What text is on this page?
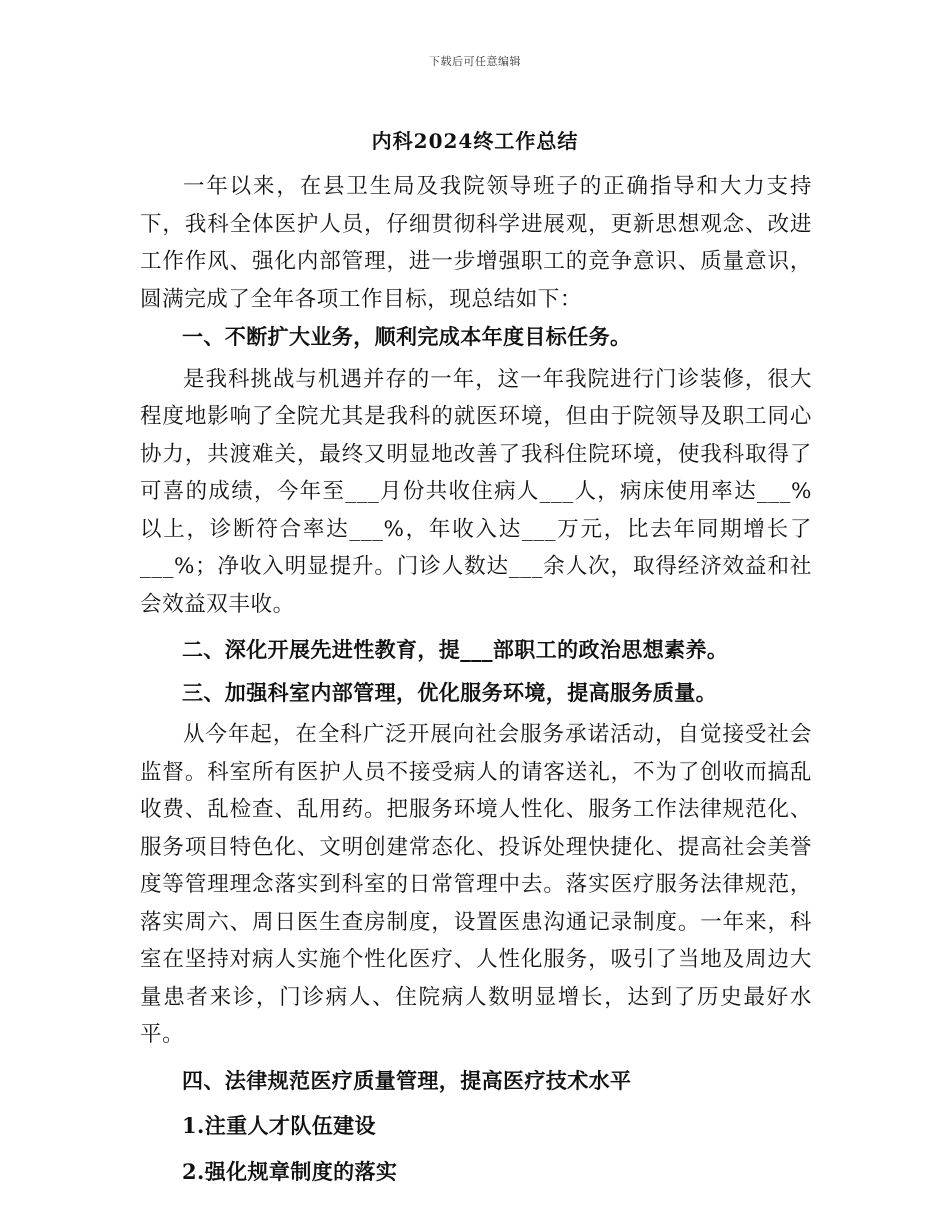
下载后可任意编辑
内科2024终工作总结

一年以来，在县卫生局及我院领导班子的正确指导和大力支持下，我科全体医护人员，仔细贯彻科学进展观，更新思想观念、改进工作作风、强化内部管理，进一步增强职工的竞争意识、质量意识，圆满完成了全年各项工作目标，现总结如下：

一、不断扩大业务，顺利完成本年度目标任务。

是我科挑战与机遇并存的一年，这一年我院进行门诊装修，很大程度地影响了全院尤其是我科的就医环境，但由于院领导及职工同心协力，共渡难关，最终又明显地改善了我科住院环境，使我科取得了可喜的成绩，今年至___月份共收住病人___人，病床使用率达___%以上，诊断符合率达___%，年收入达___万元，比去年同期增长了___%；净收入明显提升。门诊人数达___余人次，取得经济效益和社会效益双丰收。

二、深化开展先进性教育，提___部职工的政治思想素养。

三、加强科室内部管理，优化服务环境，提高服务质量。

从今年起，在全科广泛开展向社会服务承诺活动，自觉接受社会监督。科室所有医护人员不接受病人的请客送礼，不为了创收而搞乱收费、乱检查、乱用药。把服务环境人性化、服务工作法律规范化、服务项目特色化、文明创建常态化、投诉处理快捷化、提高社会美誉度等管理理念落实到科室的日常管理中去。落实医疗服务法律规范，落实周六、周日医生查房制度，设置医患沟通记录制度。一年来，科室在坚持对病人实施个性化医疗、人性化服务，吸引了当地及周边大量患者来诊，门诊病人、住院病人数明显增长，达到了历史最好水平。

四、法律规范医疗质量管理，提高医疗技术水平

1.注重人才队伍建设

2.强化规章制度的落实
